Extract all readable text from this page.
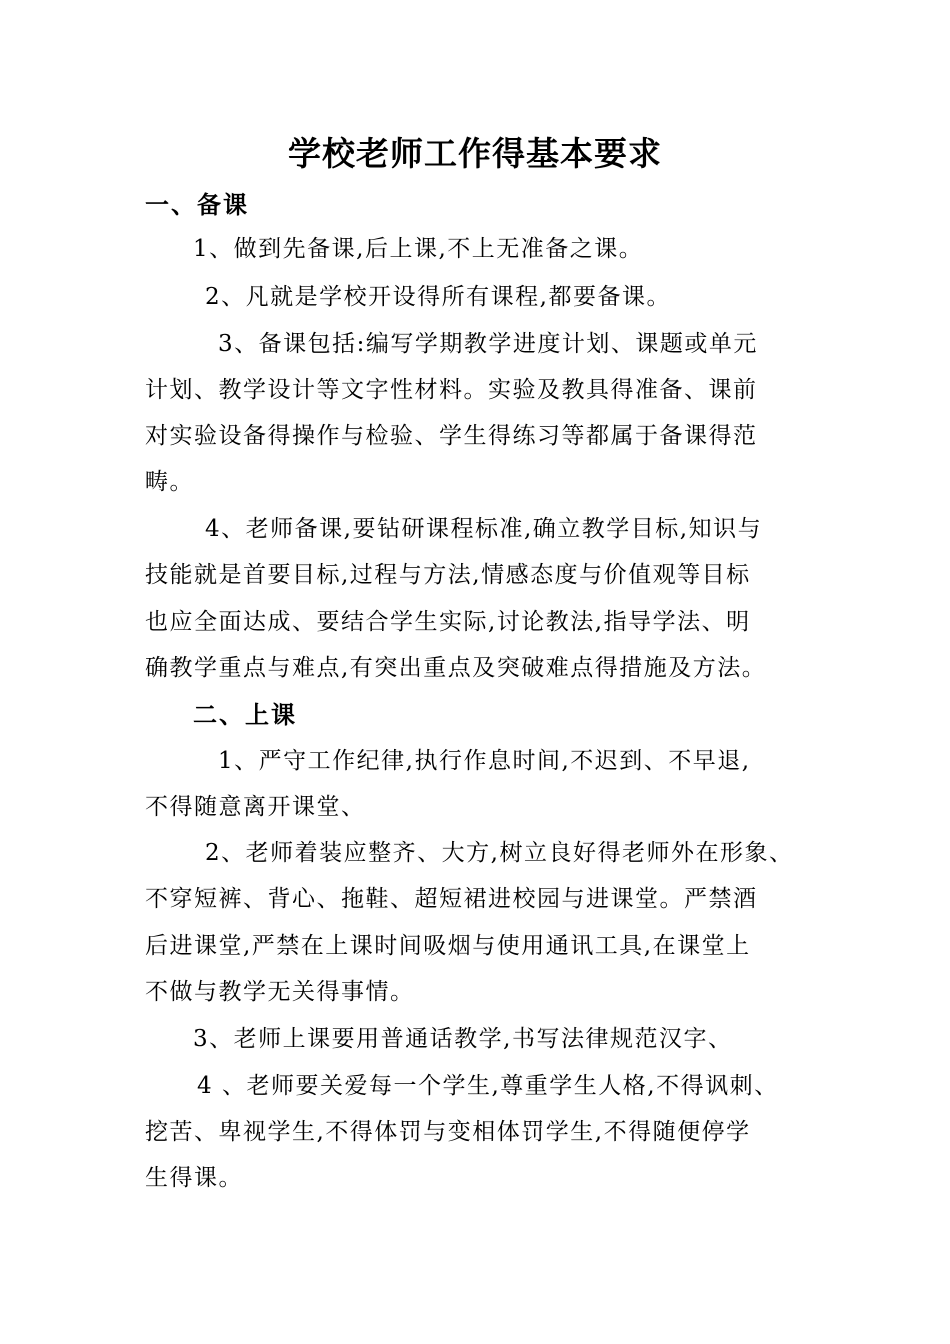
学校老师工作得基本要求
一、备课
1、做到先备课,后上课,不上无准备之课。
2、凡就是学校开设得所有课程,都要备课。
3、备课包括:编写学期教学进度计划、课题或单元
计划、教学设计等文字性材料。实验及教具得准备、课前
对实验设备得操作与检验、学生得练习等都属于备课得范
畴。
4、老师备课,要钻研课程标准,确立教学目标,知识与
技能就是首要目标,过程与方法,情感态度与价值观等目标
也应全面达成、要结合学生实际,讨论教法,指导学法、明
确教学重点与难点,有突出重点及突破难点得措施及方法。
二、上课
1、严守工作纪律,执行作息时间,不迟到、不早退,
不得随意离开课堂、
2、老师着装应整齐、大方,树立良好得老师外在形象、
不穿短裤、背心、拖鞋、超短裙进校园与进课堂。严禁酒
后进课堂,严禁在上课时间吸烟与使用通讯工具,在课堂上
不做与教学无关得事情。
3、老师上课要用普通话教学,书写法律规范汉字、
4 、老师要关爱每一个学生,尊重学生人格,不得讽刺、
挖苦、卑视学生,不得体罚与变相体罚学生,不得随便停学
生得课。
